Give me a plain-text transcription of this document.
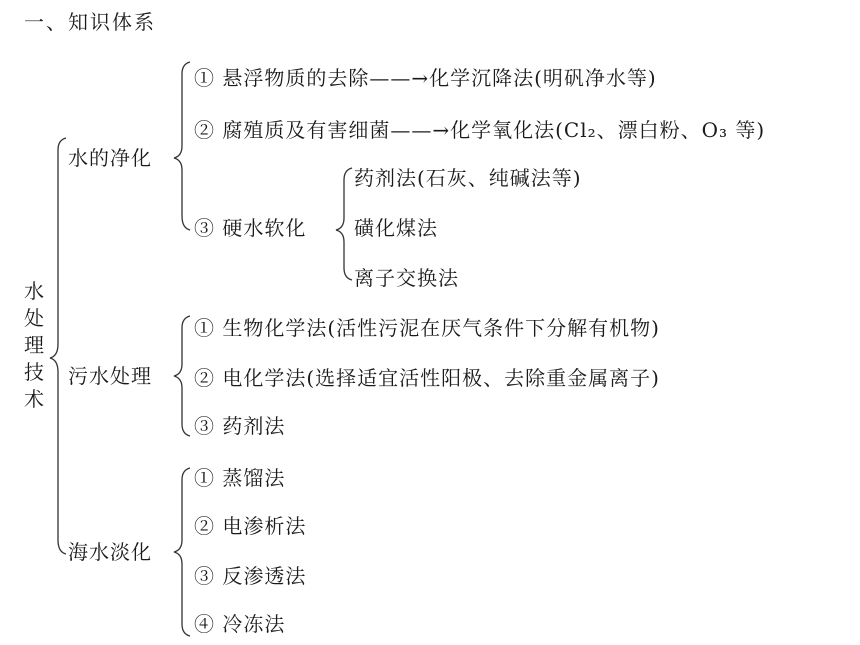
一、知识体系
水
处
理
技
术
水的净化
污水处理
海水淡化
① 悬浮物质的去除——→化学沉降法(明矾净水等)
② 腐殖质及有害细菌——→化学氧化法(Cl₂、漂白粉、O₃ 等)
③ 硬水软化
药剂法(石灰、纯碱法等)
磺化煤法
离子交换法
① 生物化学法(活性污泥在厌气条件下分解有机物)
② 电化学法(选择适宜活性阳极、去除重金属离子)
③ 药剂法
① 蒸馏法
② 电渗析法
③ 反渗透法
④ 冷冻法
